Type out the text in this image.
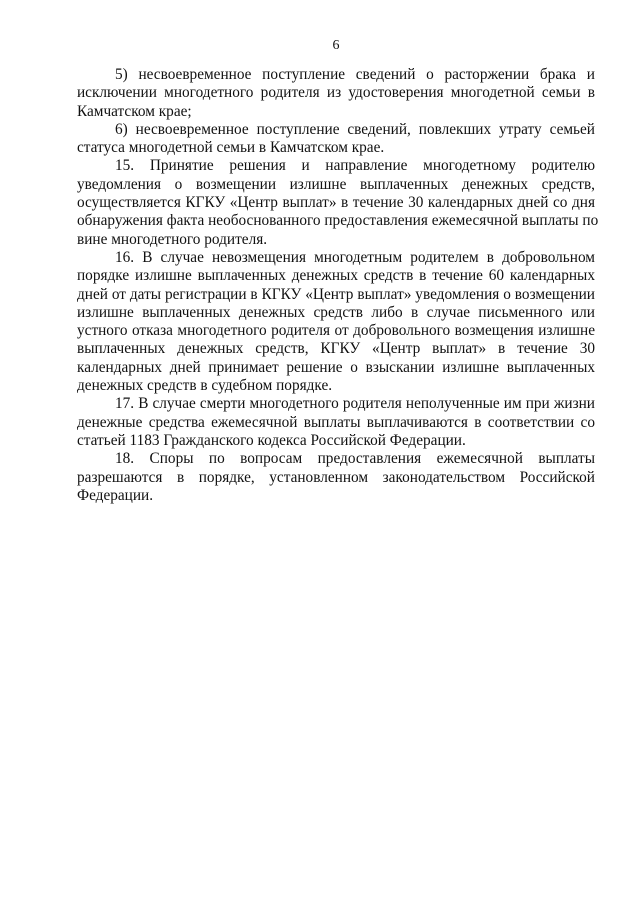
6
5) несвоевременное поступление сведений о расторжении брака и
исключении многодетного родителя из удостоверения многодетной семьи в
Камчатском крае;
6) несвоевременное поступление сведений, повлекших утрату семьей
статуса многодетной семьи в Камчатском крае.
15. Принятие решения и направление многодетному родителю
уведомления о возмещении излишне выплаченных денежных средств,
осуществляется КГКУ «Центр выплат» в течение 30 календарных дней со дня
обнаружения факта необоснованного предоставления ежемесячной выплаты по
вине многодетного родителя.
16. В случае невозмещения многодетным родителем в добровольном
порядке излишне выплаченных денежных средств в течение 60 календарных
дней от даты регистрации в КГКУ «Центр выплат» уведомления о возмещении
излишне выплаченных денежных средств либо в случае письменного или
устного отказа многодетного родителя от добровольного возмещения излишне
выплаченных денежных средств, КГКУ «Центр выплат» в течение 30
календарных дней принимает решение о взыскании излишне выплаченных
денежных средств в судебном порядке.
17. В случае смерти многодетного родителя неполученные им при жизни
денежные средства ежемесячной выплаты выплачиваются в соответствии со
статьей 1183 Гражданского кодекса Российской Федерации.
18. Споры по вопросам предоставления ежемесячной выплаты
разрешаются в порядке, установленном законодательством Российской
Федерации.
